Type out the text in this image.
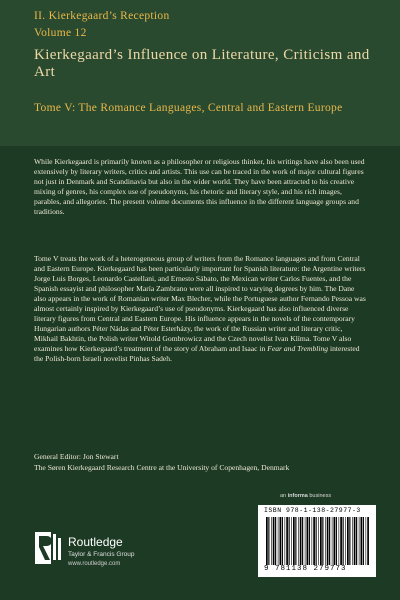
II. Kierkegaard’s Reception
Volume 12
Kierkegaard’s Influence on Literature, Criticism and Art
Tome V: The Romance Languages, Central and Eastern Europe

While Kierkegaard is primarily known as a philosopher or religious thinker, his writings have also been used extensively by literary writers, critics and artists. This use can be traced in the work of major cultural figures not just in Denmark and Scandinavia but also in the wider world. They have been attracted to his creative mixing of genres, his complex use of pseudonyms, his rhetoric and literary style, and his rich images, parables, and allegories. The present volume documents this influence in the different language groups and traditions.

Tome V treats the work of a heterogeneous group of writers from the Romance languages and from Central and Eastern Europe. Kierkegaard has been particularly important for Spanish literature: the Argentine writers Jorge Luis Borges, Leonardo Castellani, and Ernesto Sábato, the Mexican writer Carlos Fuentes, and the Spanish essayist and philosopher María Zambrano were all inspired to varying degrees by him. The Dane also appears in the work of Romanian writer Max Blecher, while the Portuguese author Fernando Pessoa was almost certainly inspired by Kierkegaard’s use of pseudonyms. Kierkegaard has also influenced diverse literary figures from Central and Eastern Europe. His influence appears in the novels of the contemporary Hungarian authors Péter Nádas and Péter Esterházy, the work of the Russian writer and literary critic, Mikhail Bakhtin, the Polish writer Witold Gombrowicz and the Czech novelist Ivan Klíma. Tome V also examines how Kierkegaard’s treatment of the story of Abraham and Isaac in Fear and Trembling interested the Polish-born Israeli novelist Pinhas Sadeh.

General Editor: Jon Stewart
The Søren Kierkegaard Research Centre at the University of Copenhagen, Denmark
an informa business
ISBN 978-1-138-27977-3
9 781138 279773
Routledge
Taylor & Francis Group
www.routledge.com
